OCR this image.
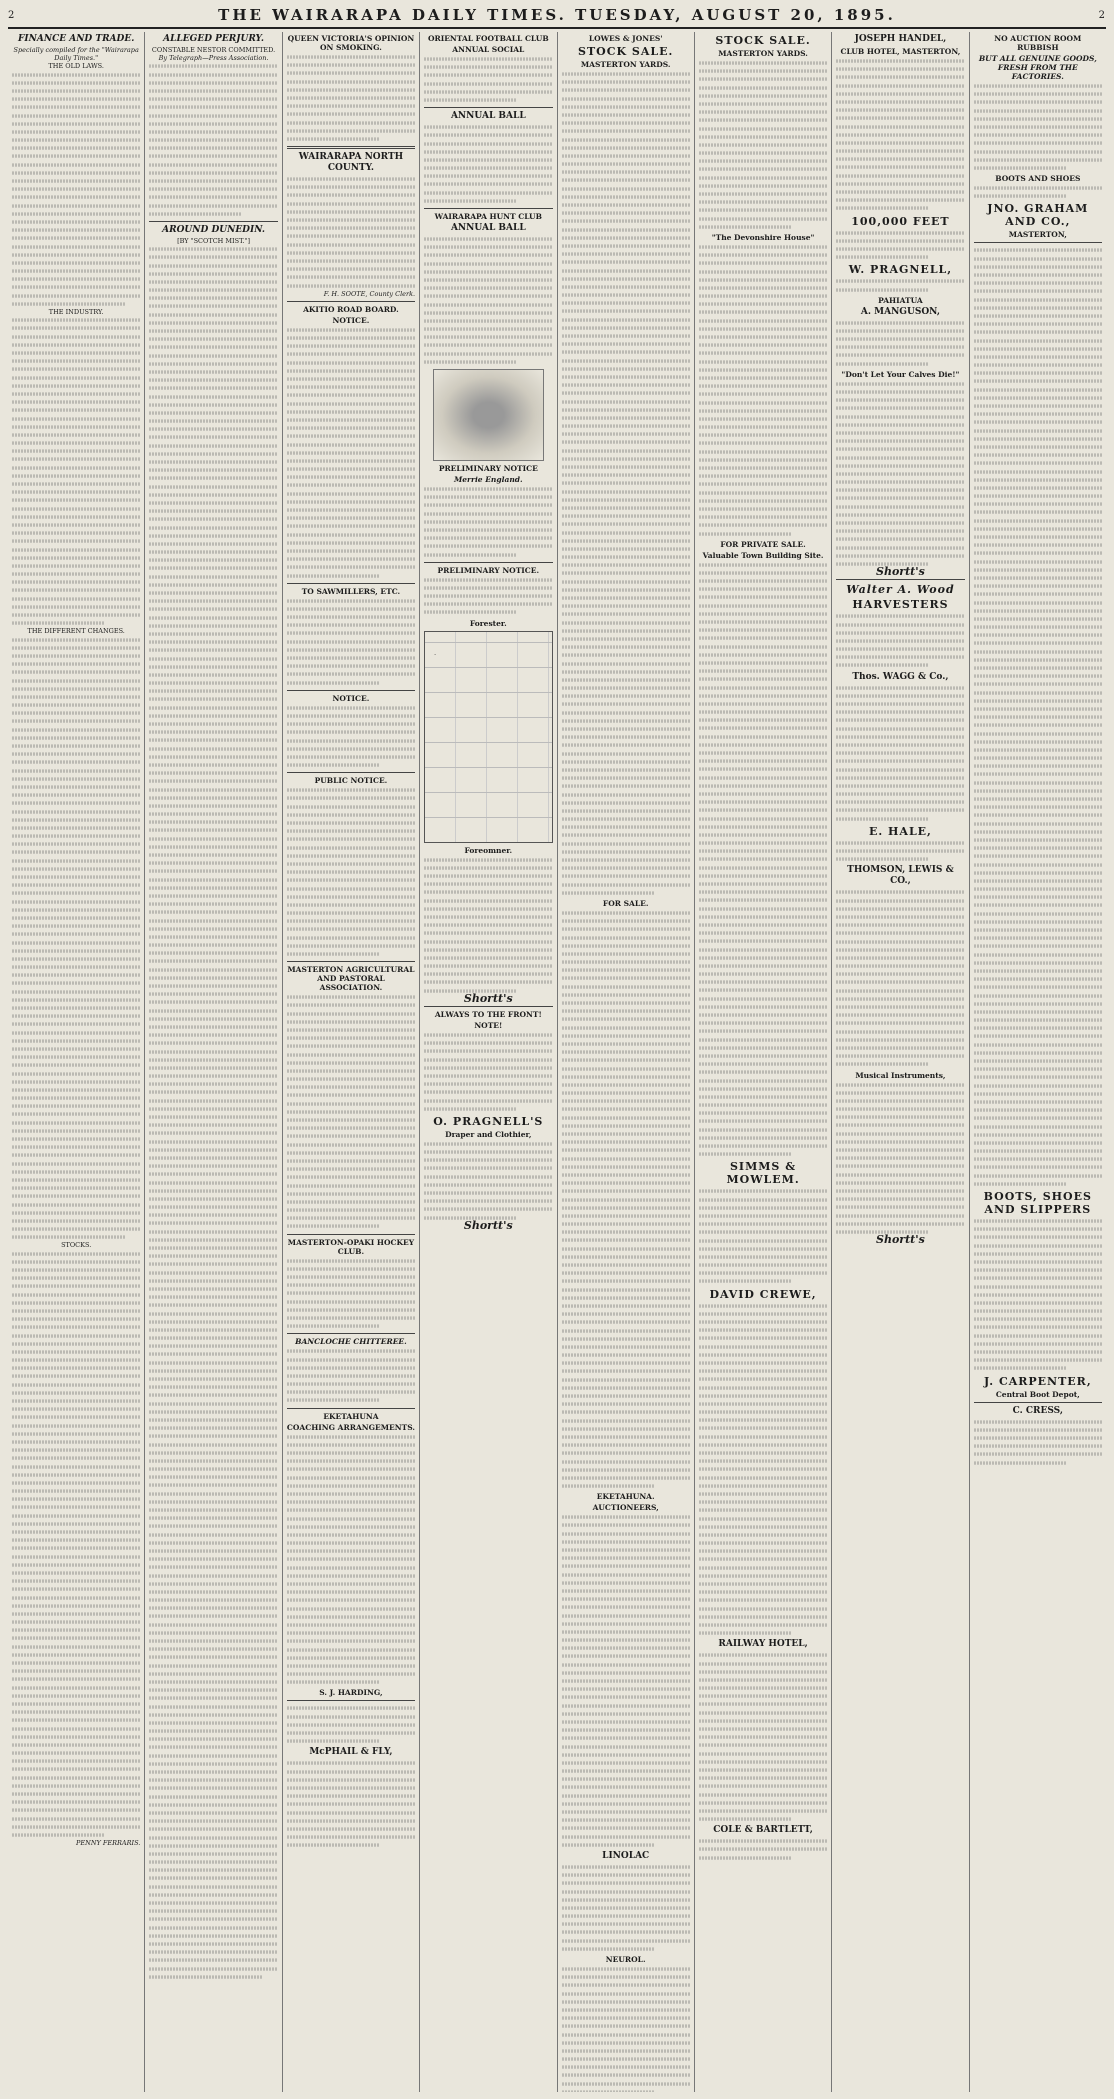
2	THE WAIRARAPA DAILY TIMES. TUESDAY, AUGUST 20, 1895.	2
FINANCE AND TRADE.
Specially compiled for the "Wairarapa Daily Times."
THE OLD LAWS.
THE INDUSTRY.
THE DIFFERENT CHANGES.
STOCKS.
PENNY FERRARIS.
ALLEGED PERJURY.
CONSTABLE NESTOR COMMITTED.
By Telegraph—Press Association.
AROUND DUNEDIN.
[BY "SCOTCH MIST."]
QUEEN VICTORIA'S OPINION ON SMOKING.
WAIRARAPA NORTH COUNTY.
F. H. SOOTE, County Clerk.
AKITIO ROAD BOARD.
NOTICE.
TO SAWMILLERS, ETC.
NOTICE.
PUBLIC NOTICE.
MASTERTON AGRICULTURAL AND PASTORAL ASSOCIATION.
MASTERTON-OPAKI HOCKEY CLUB.
BANCLOCHE CHITTEREE.
EKETAHUNA
COACHING ARRANGEMENTS.
S. J. HARDING,
McPHAIL & FLY,
ORIENTAL FOOTBALL CLUB
ANNUAL SOCIAL
ANNUAL BALL
WAIRARAPA HUNT CLUB
ANNUAL BALL
PRELIMINARY NOTICE
Merrie England.
PRELIMINARY NOTICE.
Forester.
·
Foreomner.
Shortt's
ALWAYS TO THE FRONT!
NOTE!
O. PRAGNELL'S
Draper and Clothier,
Shortt's
LOWES & JONES'
STOCK SALE.
MASTERTON YARDS.
FOR SALE.
EKETAHUNA.
AUCTIONEERS,
LINOLAC
NEUROL.
STOCK SALE.
MASTERTON YARDS.
"The Devonshire House"
FOR PRIVATE SALE.
Valuable Town Building Site.
SIMMS & MOWLEM.
DAVID CREWE,
RAILWAY HOTEL,
COLE & BARTLETT,
JOSEPH HANDEL,
CLUB HOTEL, MASTERTON,
100,000 FEET
W. PRAGNELL,
PAHIATUA
A. MANGUSON,
"Don't Let Your Calves Die!"
Shortt's
Walter A. Wood
HARVESTERS
Thos. WAGG & Co.,
E. HALE,
THOMSON, LEWIS & CO.,
Musical Instruments,
Shortt's
NO AUCTION ROOM RUBBISH
BUT ALL GENUINE GOODS, FRESH FROM THE FACTORIES.
BOOTS AND SHOES
JNO. GRAHAM AND CO.,
MASTERTON,
BOOTS, SHOES AND SLIPPERS
J. CARPENTER,
Central Boot Depot,
C. CRESS,
